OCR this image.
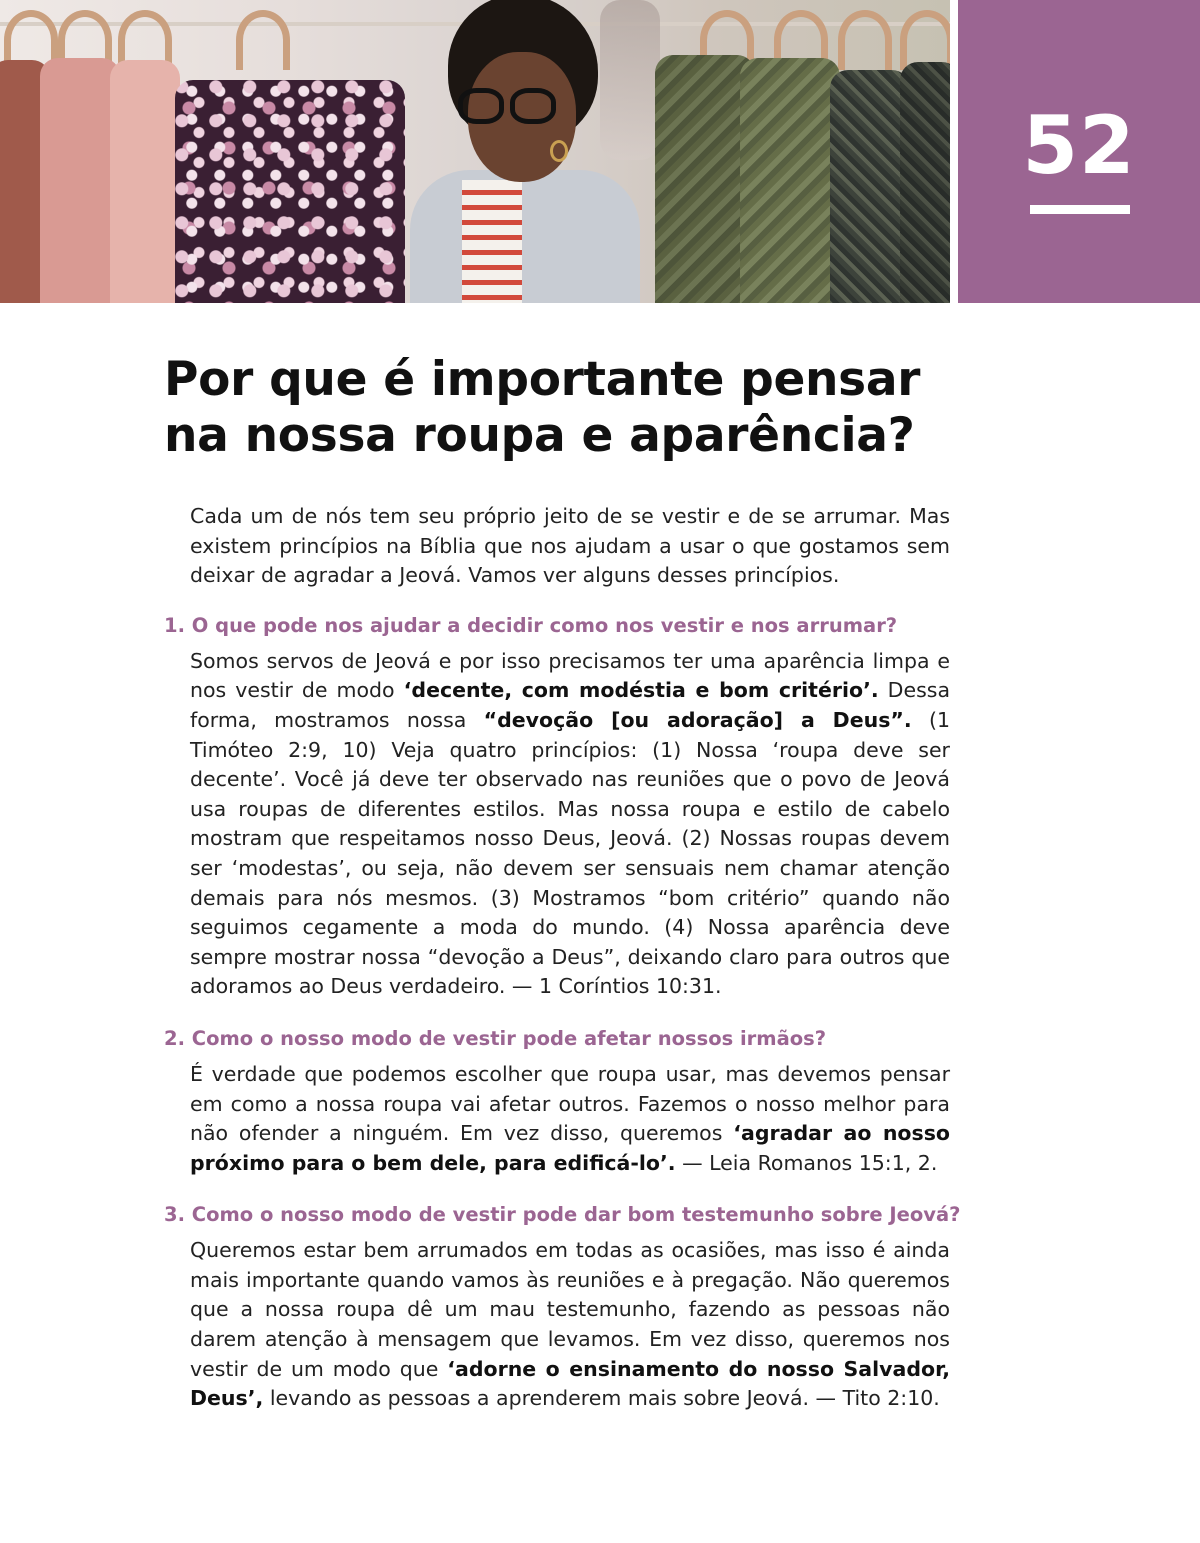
52
Por que é importante pensar
na nossa roupa e aparência?

Cada um de nós tem seu próprio jeito de se vestir e de se arrumar. Mas existem princípios na Bíblia que nos ajudam a usar o que gostamos sem deixar de agradar a Jeová. Vamos ver alguns desses princípios.

1. O que pode nos ajudar a decidir como nos vestir e nos arrumar?

Somos servos de Jeová e por isso precisamos ter uma aparência limpa e nos vestir de modo ‘decente, com modéstia e bom critério’. Dessa forma, mostramos nossa “devoção [ou adoração] a Deus”. (1 Timóteo 2:9, 10) Veja quatro princípios: (1) Nossa ‘roupa deve ser decente’. Você já deve ter observado nas reuniões que o povo de Jeová usa roupas de diferentes estilos. Mas nossa roupa e estilo de cabelo mostram que respeitamos nosso Deus, Jeová. (2) Nossas roupas devem ser ‘modestas’, ou seja, não devem ser sensuais nem chamar atenção demais para nós mesmos. (3) Mostramos “bom critério” quando não seguimos cegamente a moda do mundo. (4) Nossa aparência deve sempre mostrar nossa “devoção a Deus”, deixando claro para outros que adoramos ao Deus verdadeiro. — 1 Coríntios 10:31.

2. Como o nosso modo de vestir pode afetar nossos irmãos?

É verdade que podemos escolher que roupa usar, mas devemos pensar em como a nossa roupa vai afetar outros. Fazemos o nosso melhor para não ofender a ninguém. Em vez disso, queremos ‘agradar ao nosso próximo para o bem dele, para edificá-lo’. — Leia Romanos 15:1, 2.

3. Como o nosso modo de vestir pode dar bom testemunho sobre Jeová?

Queremos estar bem arrumados em todas as ocasiões, mas isso é ainda mais importante quando vamos às reuniões e à pregação. Não queremos que a nossa roupa dê um mau testemunho, fazendo as pessoas não darem atenção à mensagem que levamos. Em vez disso, queremos nos vestir de um modo que ‘adorne o ensinamento do nosso Salvador, Deus’, levando as pessoas a aprenderem mais sobre Jeová. — Tito 2:10.
